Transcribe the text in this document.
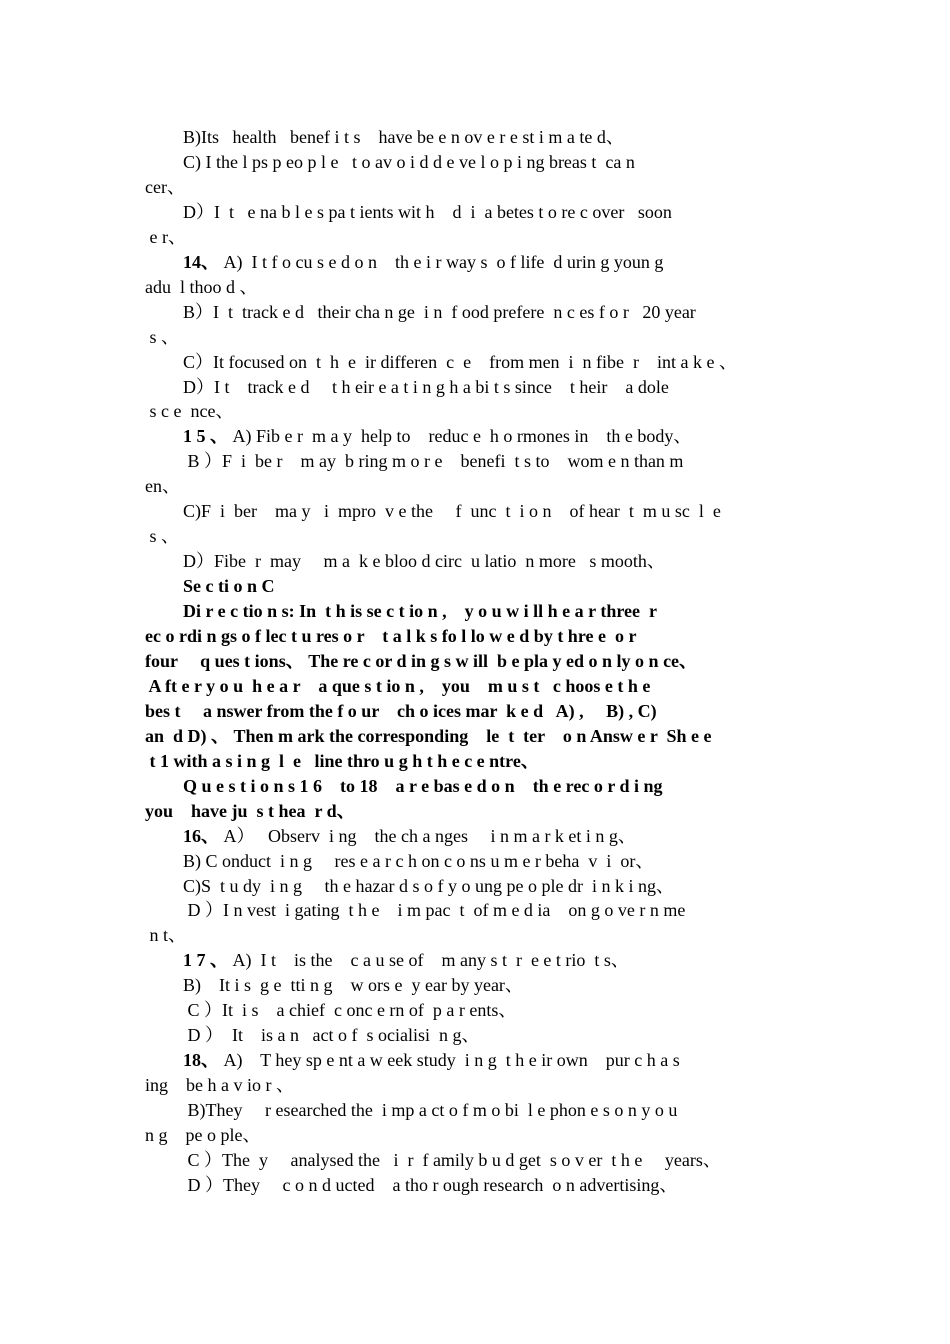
B)Its   health   benef i t s    have be e n ov e r e st i m a te d、
C) I the l ps p eo p l e   t o av o i d d e ve l o p i ng breas t  ca n
cer、
D）I  t   e na b l e s pa t ients wit h    d  i  a betes t o re c over   soon
e r、
14、 A)  I t f o cu s e d o n    th e i r way s  o f life  d urin g youn g
adu  l thoo d 、
B）I  t  track e d   their cha n ge  i n  f ood prefere  n c es f o r   20 year
s 、
C）It focused on  t  h  e  ir differen  c  e    from men  i  n fibe  r    int a k e 、
D）I t    track e d     t h eir e a t i n g h a bi t s since    t heir    a dole
s c e  nce、
1 5 、 A) Fib e r  m a y  help to    reduc e  h o rmones in    th e body、
B ）F  i  be r    m ay  b ring m o r e    benefi  t s to    wom e n than m
en、
C)F  i  ber    ma y   i  mpro  v e the     f  unc  t  i o n    of hear  t  m u sc  l  e
s 、
D）Fibe  r  may     m a  k e bloo d circ  u latio  n more   s mooth、
Se c ti o n C
Di r e c tio n s: In  t h is se c t io n ,    y o u w i ll h e a r three  r
ec o rdi n gs o f lec t u res o r    t a l k s fo l lo w e d by t hre e  o r
four     q ues t ions、 The re c or d in g s w ill  b e pla y ed o n ly o n ce、
A ft e r y o u  h e a r    a que s t io n ,    you    m u s t   c hoos e t h e
bes t     a nswer from the f o ur    ch o ices mar  k e d   A) ,     B) , C)
an  d D) 、 Then m ark the corresponding    le  t  ter    o n Answ e r  Sh e e
t 1 with a s i n g  l  e   line thro u g h t h e c e ntre、
Q u e s t i o n s 1 6    to 18    a r e bas e d o n    th e rec o r d i ng
you    have ju  s t hea  r d、
16、 A）   Observ  i ng    the ch a nges     i n m a r k et i n g、
B) C onduct  i n g     res e a r c h on c o ns u m e r beha  v  i  or、
C)S  t u dy  i n g     th e hazar d s o f y o ung pe o ple dr  i n k i ng、
D ）I n vest  i gating  t h e    i m pac  t  of m e d ia    on g o ve r n me
n t、
1 7 、 A)  I t    is the    c a u se of    m any s t  r  e e t rio  t s、
B)    It i s  g e  tti n g    w ors e  y ear by year、
C ）It  i s    a chief  c onc e rn of  p a r ents、
D ）  It    is a n   act o f  s ocialisi  n g、
18、 A)    T hey sp e nt a w eek study  i n g  t h e ir own    pur c h a s
ing    be h a v io r 、
B)They     r esearched the  i mp a ct o f m o bi  l e phon e s o n y o u
n g    pe o ple、
C ）The  y     analysed the   i  r  f amily b u d get  s o v er  t h e     years、
D ）They     c o n d ucted    a tho r ough research  o n advertising、
